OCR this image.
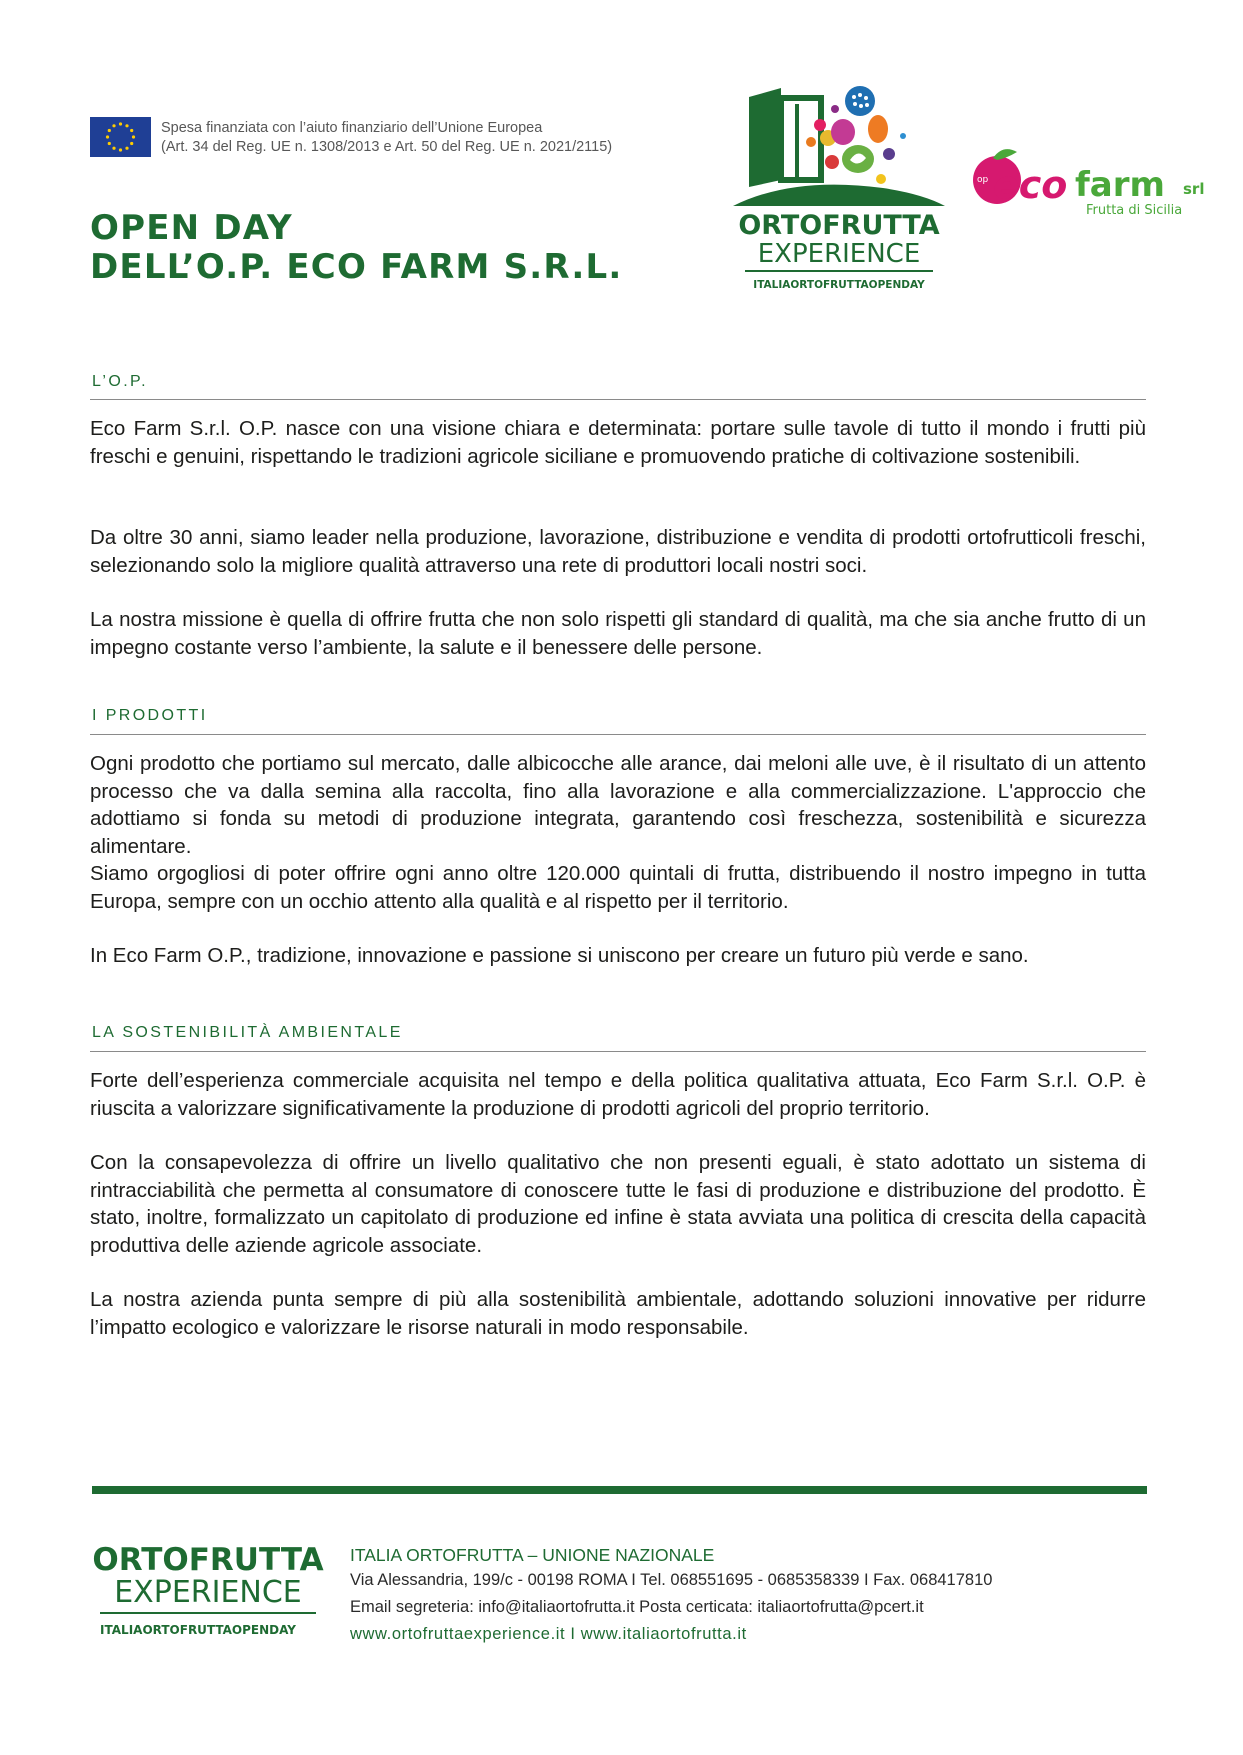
Spesa finanziata con l’aiuto finanziario dell’Unione Europea
(Art. 34 del Reg. UE n. 1308/2013 e Art. 50 del Reg. UE n. 2021/2115)
OPEN DAY
DELL’O.P. ECO FARM S.R.L.
ORTOFRUTTA
EXPERIENCE
ITALIAORTOFRUTTAOPENDAY
op eco farm srl
Frutta di Sicilia
L’O.P.

Eco Farm S.r.l. O.P. nasce con una visione chiara e determinata: portare sulle tavole di tutto il mondo i frutti più freschi e genuini, rispettando le tradizioni agricole siciliane e promuovendo pratiche di coltivazione sostenibili.

Da oltre 30 anni, siamo leader nella produzione, lavorazione, distribuzione e vendita di prodotti ortofrutticoli freschi, selezionando solo la migliore qualità attraverso una rete di produttori locali nostri soci.

La nostra missione è quella di offrire frutta che non solo rispetti gli standard di qualità, ma che sia anche frutto di un impegno costante verso l’ambiente, la salute e il benessere delle persone.

I PRODOTTI

Ogni prodotto che portiamo sul mercato, dalle albicocche alle arance, dai meloni alle uve, è il risultato di un attento processo che va dalla semina alla raccolta, fino alla lavorazione e alla commercializzazione. L'approccio che adottiamo si fonda su metodi di produzione integrata, garantendo così freschezza, sostenibilità e sicurezza alimentare.

Siamo orgogliosi di poter offrire ogni anno oltre 120.000 quintali di frutta, distribuendo il nostro impegno in tutta Europa, sempre con un occhio attento alla qualità e al rispetto per il territorio.

In Eco Farm O.P., tradizione, innovazione e passione si uniscono per creare un futuro più verde e sano.

LA SOSTENIBILITÀ AMBIENTALE

Forte dell’esperienza commerciale acquisita nel tempo e della politica qualitativa attuata, Eco Farm S.r.l. O.P. è riuscita a valorizzare significativamente la produzione di prodotti agricoli del proprio territorio.

Con la consapevolezza di offrire un livello qualitativo che non presenti eguali, è stato adottato un sistema di rintracciabilità che permetta al consumatore di conoscere tutte le fasi di produzione e distribuzione del prodotto. È stato, inoltre, formalizzato un capitolato di produzione ed infine è stata avviata una politica di crescita della capacità produttiva delle aziende agricole associate.

La nostra azienda punta sempre di più alla sostenibilità ambientale, adottando soluzioni innovative per ridurre l’impatto ecologico e valorizzare le risorse naturali in modo responsabile.

ORTOFRUTTA
EXPERIENCE
ITALIAORTOFRUTTAOPENDAY
ITALIA ORTOFRUTTA – UNIONE NAZIONALE
Via Alessandria, 199/c - 00198 ROMA I Tel. 068551695 - 0685358339 I Fax. 068417810
Email segreteria: info@italiaortofrutta.it Posta certicata: italiaortofrutta@pcert.it
www.ortofruttaexperience.it I www.italiaortofrutta.it
